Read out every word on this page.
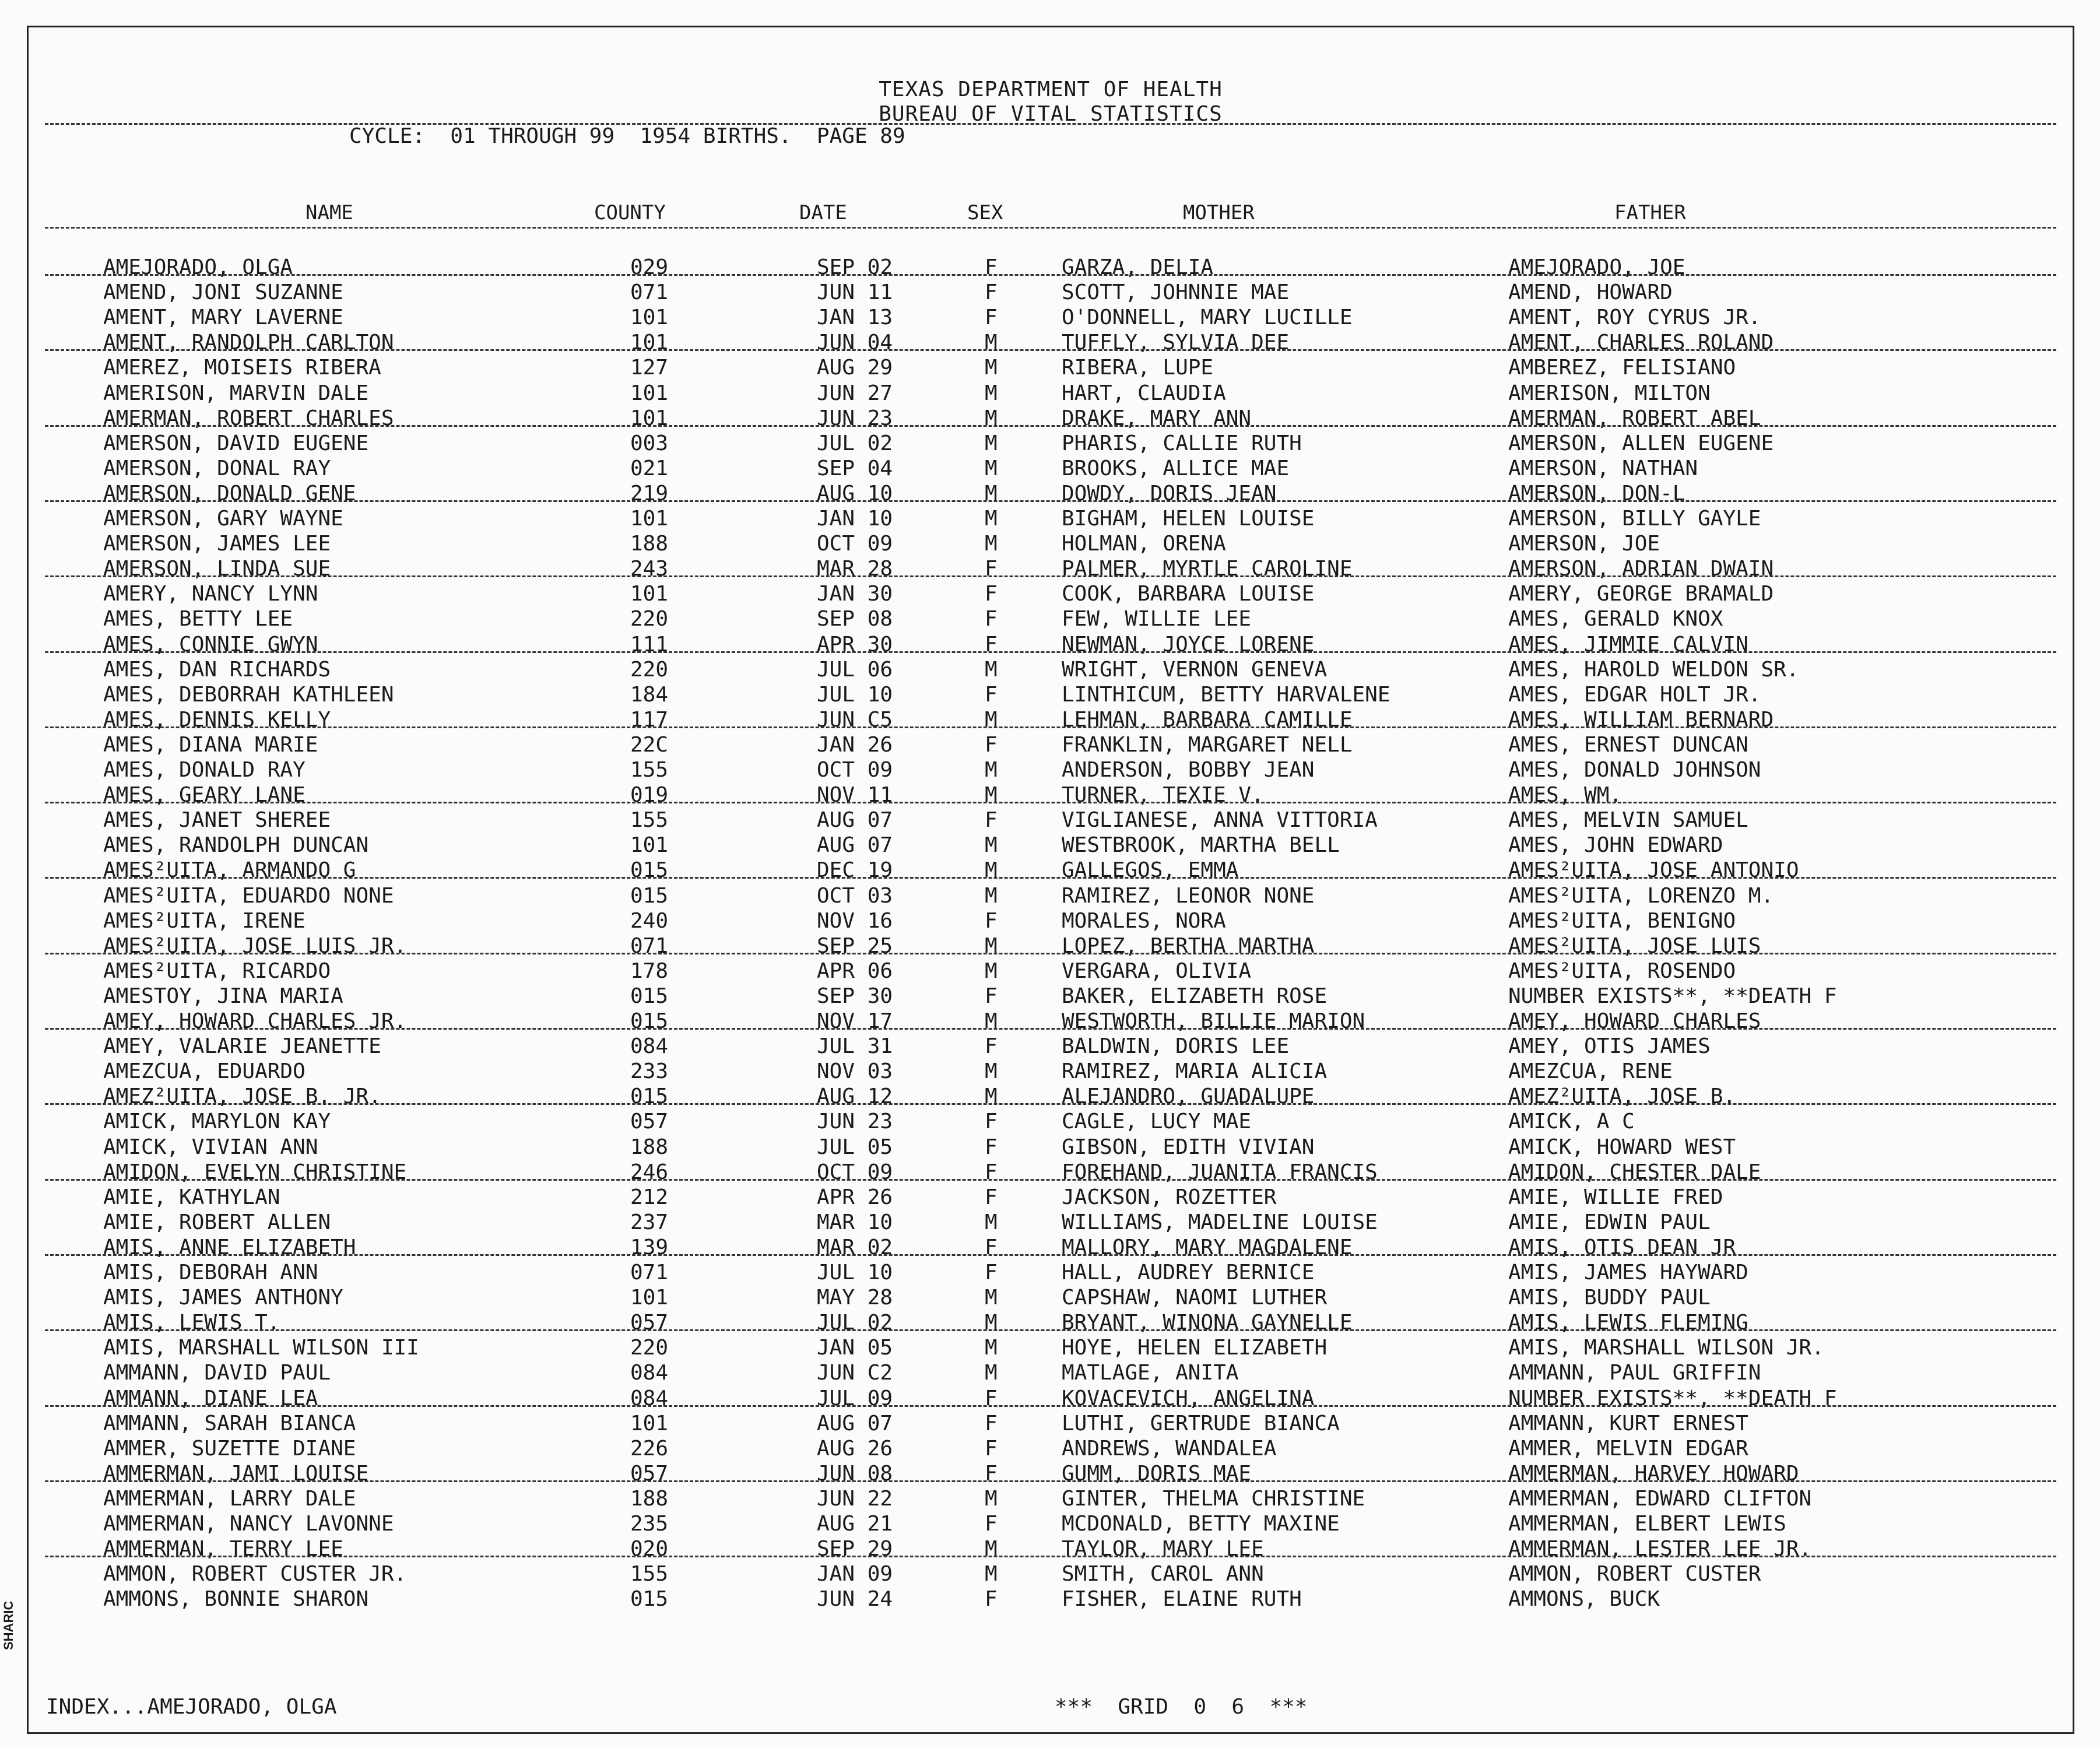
TEXAS DEPARTMENT OF HEALTH
BUREAU OF VITAL STATISTICS
CYCLE:  01 THROUGH 99  1954 BIRTHS.  PAGE 89
NAME	COUNTY	DATE	SEX	MOTHER	FATHER
AMEJORADO, OLGA	029	SEP 02	F	GARZA, DELIA	AMEJORADO, JOE
AMEND, JONI SUZANNE	071	JUN 11	F	SCOTT, JOHNNIE MAE	AMEND, HOWARD
AMENT, MARY LAVERNE	101	JAN 13	F	O'DONNELL, MARY LUCILLE	AMENT, ROY CYRUS JR.
AMENT, RANDOLPH CARLTON	101	JUN 04	M	TUFFLY, SYLVIA DEE	AMENT, CHARLES ROLAND
AMEREZ, MOISEIS RIBERA	127	AUG 29	M	RIBERA, LUPE	AMBEREZ, FELISIANO
AMERISON, MARVIN DALE	101	JUN 27	M	HART, CLAUDIA	AMERISON, MILTON
AMERMAN, ROBERT CHARLES	101	JUN 23	M	DRAKE, MARY ANN	AMERMAN, ROBERT ABEL
AMERSON, DAVID EUGENE	003	JUL 02	M	PHARIS, CALLIE RUTH	AMERSON, ALLEN EUGENE
AMERSON, DONAL RAY	021	SEP 04	M	BROOKS, ALLICE MAE	AMERSON, NATHAN
AMERSON, DONALD GENE	219	AUG 10	M	DOWDY, DORIS JEAN	AMERSON, DON-L
AMERSON, GARY WAYNE	101	JAN 10	M	BIGHAM, HELEN LOUISE	AMERSON, BILLY GAYLE
AMERSON, JAMES LEE	188	OCT 09	M	HOLMAN, ORENA	AMERSON, JOE
AMERSON, LINDA SUE	243	MAR 28	F	PALMER, MYRTLE CAROLINE	AMERSON, ADRIAN DWAIN
AMERY, NANCY LYNN	101	JAN 30	F	COOK, BARBARA LOUISE	AMERY, GEORGE BRAMALD
AMES, BETTY LEE	220	SEP 08	F	FEW, WILLIE LEE	AMES, GERALD KNOX
AMES, CONNIE GWYN	111	APR 30	F	NEWMAN, JOYCE LORENE	AMES, JIMMIE CALVIN
AMES, DAN RICHARDS	220	JUL 06	M	WRIGHT, VERNON GENEVA	AMES, HAROLD WELDON SR.
AMES, DEBORRAH KATHLEEN	184	JUL 10	F	LINTHICUM, BETTY HARVALENE	AMES, EDGAR HOLT JR.
AMES, DENNIS KELLY	117	JUN C5	M	LEHMAN, BARBARA CAMILLE	AMES, WILLIAM BERNARD
AMES, DIANA MARIE	22C	JAN 26	F	FRANKLIN, MARGARET NELL	AMES, ERNEST DUNCAN
AMES, DONALD RAY	155	OCT 09	M	ANDERSON, BOBBY JEAN	AMES, DONALD JOHNSON
AMES, GEARY LANE	019	NOV 11	M	TURNER, TEXIE V.	AMES, WM.
AMES, JANET SHEREE	155	AUG 07	F	VIGLIANESE, ANNA VITTORIA	AMES, MELVIN SAMUEL
AMES, RANDOLPH DUNCAN	101	AUG 07	M	WESTBROOK, MARTHA BELL	AMES, JOHN EDWARD
AMES²UITA, ARMANDO G	015	DEC 19	M	GALLEGOS, EMMA	AMES²UITA, JOSE ANTONIO
AMES²UITA, EDUARDO NONE	015	OCT 03	M	RAMIREZ, LEONOR NONE	AMES²UITA, LORENZO M.
AMES²UITA, IRENE	240	NOV 16	F	MORALES, NORA	AMES²UITA, BENIGNO
AMES²UITA, JOSE LUIS JR.	071	SEP 25	M	LOPEZ, BERTHA MARTHA	AMES²UITA, JOSE LUIS
AMES²UITA, RICARDO	178	APR 06	M	VERGARA, OLIVIA	AMES²UITA, ROSENDO
AMESTOY, JINA MARIA	015	SEP 30	F	BAKER, ELIZABETH ROSE	NUMBER EXISTS**, **DEATH F
AMEY, HOWARD CHARLES JR.	015	NOV 17	M	WESTWORTH, BILLIE MARION	AMEY, HOWARD CHARLES
AMEY, VALARIE JEANETTE	084	JUL 31	F	BALDWIN, DORIS LEE	AMEY, OTIS JAMES
AMEZCUA, EDUARDO	233	NOV 03	M	RAMIREZ, MARIA ALICIA	AMEZCUA, RENE
AMEZ²UITA, JOSE B. JR.	015	AUG 12	M	ALEJANDRO, GUADALUPE	AMEZ²UITA, JOSE B.
AMICK, MARYLON KAY	057	JUN 23	F	CAGLE, LUCY MAE	AMICK, A C
AMICK, VIVIAN ANN	188	JUL 05	F	GIBSON, EDITH VIVIAN	AMICK, HOWARD WEST
AMIDON, EVELYN CHRISTINE	246	OCT 09	F	FOREHAND, JUANITA FRANCIS	AMIDON, CHESTER DALE
AMIE, KATHYLAN	212	APR 26	F	JACKSON, ROZETTER	AMIE, WILLIE FRED
AMIE, ROBERT ALLEN	237	MAR 10	M	WILLIAMS, MADELINE LOUISE	AMIE, EDWIN PAUL
AMIS, ANNE ELIZABETH	139	MAR 02	F	MALLORY, MARY MAGDALENE	AMIS, OTIS DEAN JR
AMIS, DEBORAH ANN	071	JUL 10	F	HALL, AUDREY BERNICE	AMIS, JAMES HAYWARD
AMIS, JAMES ANTHONY	101	MAY 28	M	CAPSHAW, NAOMI LUTHER	AMIS, BUDDY PAUL
AMIS, LEWIS T.	057	JUL 02	M	BRYANT, WINONA GAYNELLE	AMIS, LEWIS FLEMING
AMIS, MARSHALL WILSON III	220	JAN 05	M	HOYE, HELEN ELIZABETH	AMIS, MARSHALL WILSON JR.
AMMANN, DAVID PAUL	084	JUN C2	M	MATLAGE, ANITA	AMMANN, PAUL GRIFFIN
AMMANN, DIANE LEA	084	JUL 09	F	KOVACEVICH, ANGELINA	NUMBER EXISTS**, **DEATH F
AMMANN, SARAH BIANCA	101	AUG 07	F	LUTHI, GERTRUDE BIANCA	AMMANN, KURT ERNEST
AMMER, SUZETTE DIANE	226	AUG 26	F	ANDREWS, WANDALEA	AMMER, MELVIN EDGAR
AMMERMAN, JAMI LOUISE	057	JUN 08	F	GUMM, DORIS MAE	AMMERMAN, HARVEY HOWARD
AMMERMAN, LARRY DALE	188	JUN 22	M	GINTER, THELMA CHRISTINE	AMMERMAN, EDWARD CLIFTON
AMMERMAN, NANCY LAVONNE	235	AUG 21	F	MCDONALD, BETTY MAXINE	AMMERMAN, ELBERT LEWIS
AMMERMAN, TERRY LEE	020	SEP 29	M	TAYLOR, MARY LEE	AMMERMAN, LESTER LEE JR.
AMMON, ROBERT CUSTER JR.	155	JAN 09	M	SMITH, CAROL ANN	AMMON, ROBERT CUSTER
AMMONS, BONNIE SHARON	015	JUN 24	F	FISHER, ELAINE RUTH	AMMONS, BUCK
INDEX...AMEJORADO, OLGA	***  GRID  0  6  ***
SHARIC
